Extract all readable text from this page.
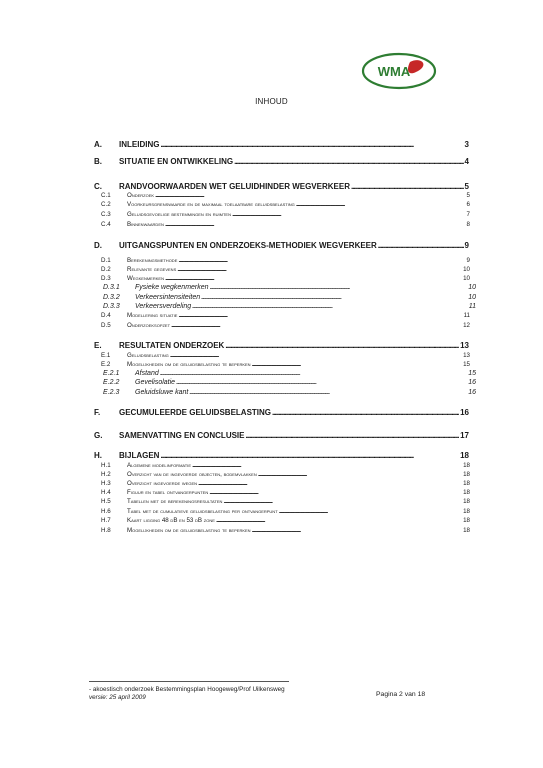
WMA
INHOUD
A. INLEIDING . . .	3
B. SITUATIE EN ONTWIKKELING . . .	4
C. RANDVOORWAARDEN WET GELUIDHINDER WEGVERKEER . . .	5
C.1	Onderzoek . . .	5
C.2	Voorkeursgrenswaarde en de maximaal toelaatbare geluidsbelasting . . .	6
C.3	Geluidsgevoelige bestemmingen en ruimten . . .	7
C.4	Binnenwaarden . . .	8
D. UITGANGSPUNTEN EN ONDERZOEKS-METHODIEK WEGVERKEER . . .	9
D.1	Berekeningsmethode . . .	9
D.2	Relevante gegevens . . .	10
D.3	Wegkenmerken . . .	10
D.3.1 Fysieke wegkenmerken . . .	10
D.3.2 Verkeersintensiteiten . . .	10
D.3.3 Verkeersverdeling . . .	11
D.4	Modellering situatie . . .	11
D.5	Onderzoeksopzet . . .	12
E. RESULTATEN ONDERZOEK . . .	13
E.1	Geluidsbelasting . . .	13
E.2	Mogelijkheden om de geluidsbelasting te beperken . . .	15
E.2.1 Afstand . . .	15
E.2.2 Gevelisolatie . . .	16
E.2.3 Geluidsluwe kant . . .	16
F. GECUMULEERDE GELUIDSBELASTING . . .	16
G. SAMENVATTING EN CONCLUSIE . . .	17
H. BIJLAGEN . . .	18
H.1	Algemene modelinformatie . . .	18
H.2	Overzicht van de ingevoerde objecten, bodemvlakken . . .	18
H.3	Overzicht ingevoerde wegen . . .	18
H.4	Figuur en tabel ontvangerpunten . . .	18
H.5	Tabellen met de berekeningsresultaten . . .	18
H.6	Tabel met de cumulatieve geluidsbelasting per ontvangerpunt . . .	18
H.7	Kaart ligging 48 dB en 53 dB zone . . .	18
H.8	Mogelijkheden om de geluidsbelasting te beperken . . .	18
- akoestisch onderzoek Bestemmingsplan Hoogeweg/Prof Uilkensweg
versie: 25 april 2009	Pagina 2 van 18
